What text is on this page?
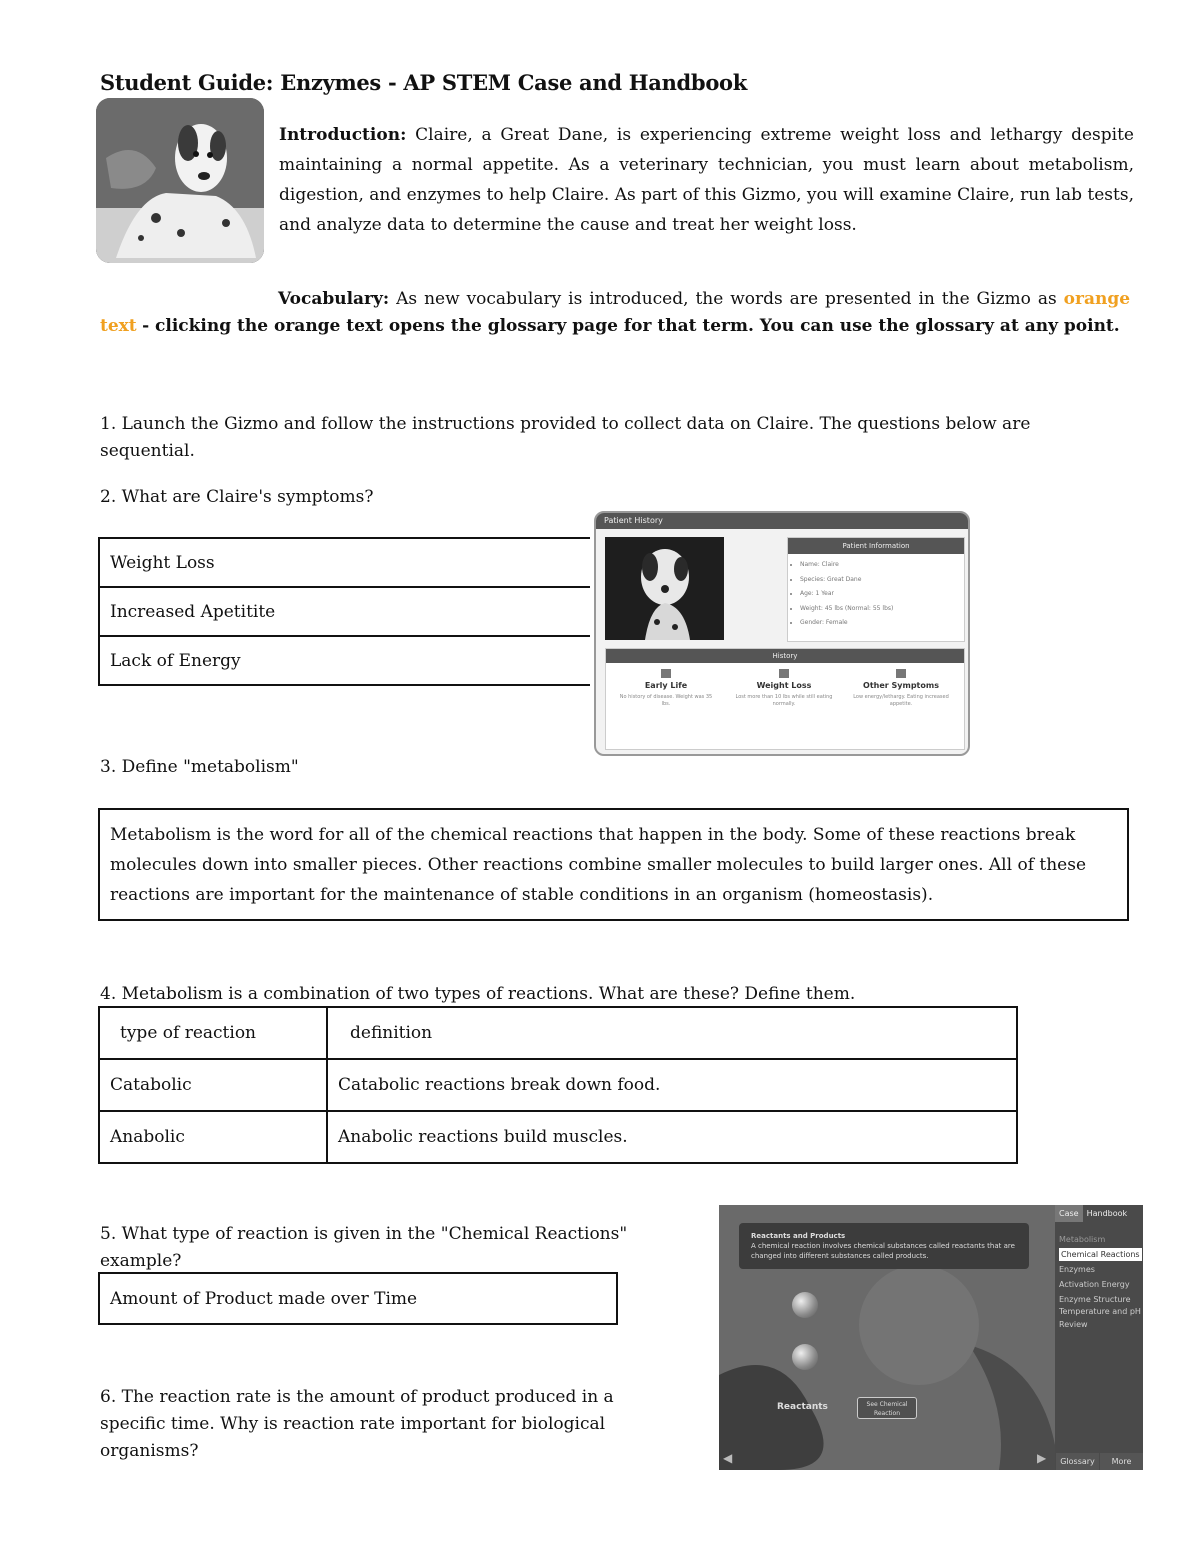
Student Guide: Enzymes - AP STEM Case and Handbook
Introduction: Claire, a Great Dane, is experiencing extreme weight loss and lethargy despite maintaining a normal appetite. As a veterinary technician, you must learn about metabolism, digestion, and enzymes to help Claire. As part of this Gizmo, you will examine Claire, run lab tests, and analyze data to determine the cause and treat her weight loss.
Vocabulary: As new vocabulary is introduced, the words are presented in the Gizmo as orange text - clicking the orange text opens the glossary page for that term. You can use the glossary at any point.
1. Launch the Gizmo and follow the instructions provided to collect data on Claire. The questions below are sequential.
2. What are Claire's symptoms?
Weight Loss
Increased Apetitite
Lack of Energy
Patient History
Patient Information
• Name: Claire
• Species: Great Dane
• Age: 1 Year
• Weight: 45 lbs (Normal: 55 lbs)
• Gender: Female
History
Early Life
No history of disease. Weight was 35 lbs.
Weight Loss
Lost more than 10 lbs while still eating normally.
Other Symptoms
Low energy/lethargy. Eating increased appetite.
3. Define "metabolism"
Metabolism is the word for all of the chemical reactions that happen in the body. Some of these reactions break molecules down into smaller pieces. Other reactions combine smaller molecules to build larger ones. All of these reactions are important for the maintenance of stable conditions in an organism (homeostasis).
4. Metabolism is a combination of two types of reactions. What are these? Define them.
type of reaction	definition
Catabolic	Catabolic reactions break down food.
Anabolic	Anabolic reactions build muscles.
5. What type of reaction is given in the "Chemical Reactions" example?
Amount of Product made over Time
6. The reaction rate is the amount of product produced in a specific time. Why is reaction rate important for biological organisms?
Reactants and Products
A chemical reaction involves chemical substances called reactants that are changed into different substances called products.
Reactants	See Chemical Reaction
◀	▶
Case	Handbook
Metabolism
Chemical Reactions
Enzymes
Activation Energy
Enzyme Structure
Temperature and pH
Review
Glossary	More
